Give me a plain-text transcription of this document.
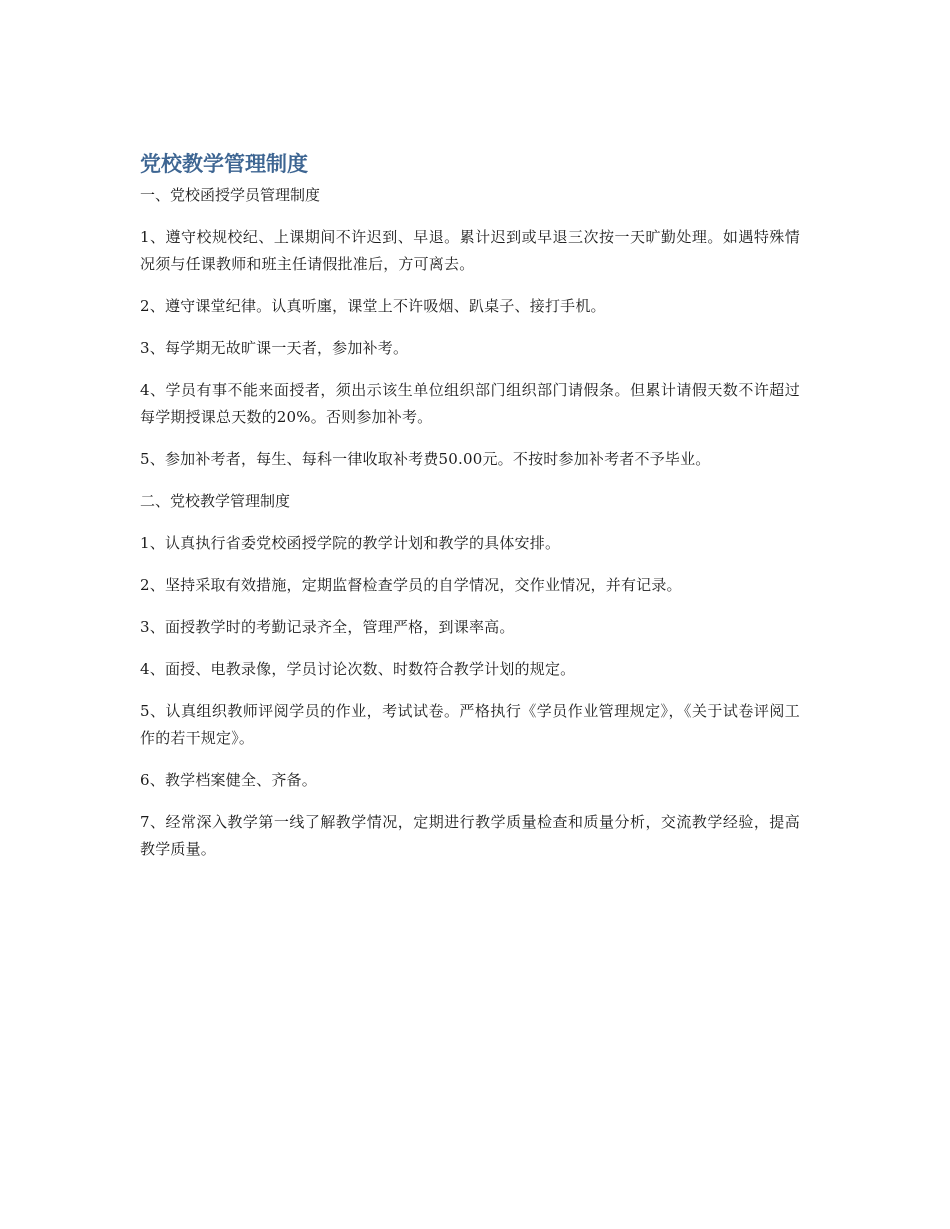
党校教学管理制度

一、党校函授学员管理制度

1、遵守校规校纪、上课期间不许迟到、早退。累计迟到或早退三次按一天旷勤处理。如遇特殊情况须与任课教师和班主任请假批准后，方可离去。

2、遵守课堂纪律。认真听廛，课堂上不许吸烟、趴桌子、接打手机。

3、每学期无故旷课一天者，参加补考。

4、学员有事不能来面授者，须出示该生单位组织部门组织部门请假条。但累计请假天数不许超过每学期授课总天数的20%。否则参加补考。

5、参加补考者，每生、每科一律收取补考费50.00元。不按时参加补考者不予毕业。

二、党校教学管理制度

1、认真执行省委党校函授学院的教学计划和教学的具体安排。

2、坚持采取有效措施，定期监督检查学员的自学情况，交作业情况，并有记录。

3、面授教学时的考勤记录齐全，管理严格，到课率高。

4、面授、电教录像，学员讨论次数、时数符合教学计划的规定。

5、认真组织教师评阅学员的作业，考试试卷。严格执行《学员作业管理规定》，《关于试卷评阅工作的若干规定》。

6、教学档案健全、齐备。

7、经常深入教学第一线了解教学情况，定期进行教学质量检查和质量分析，交流教学经验，提高教学质量。
